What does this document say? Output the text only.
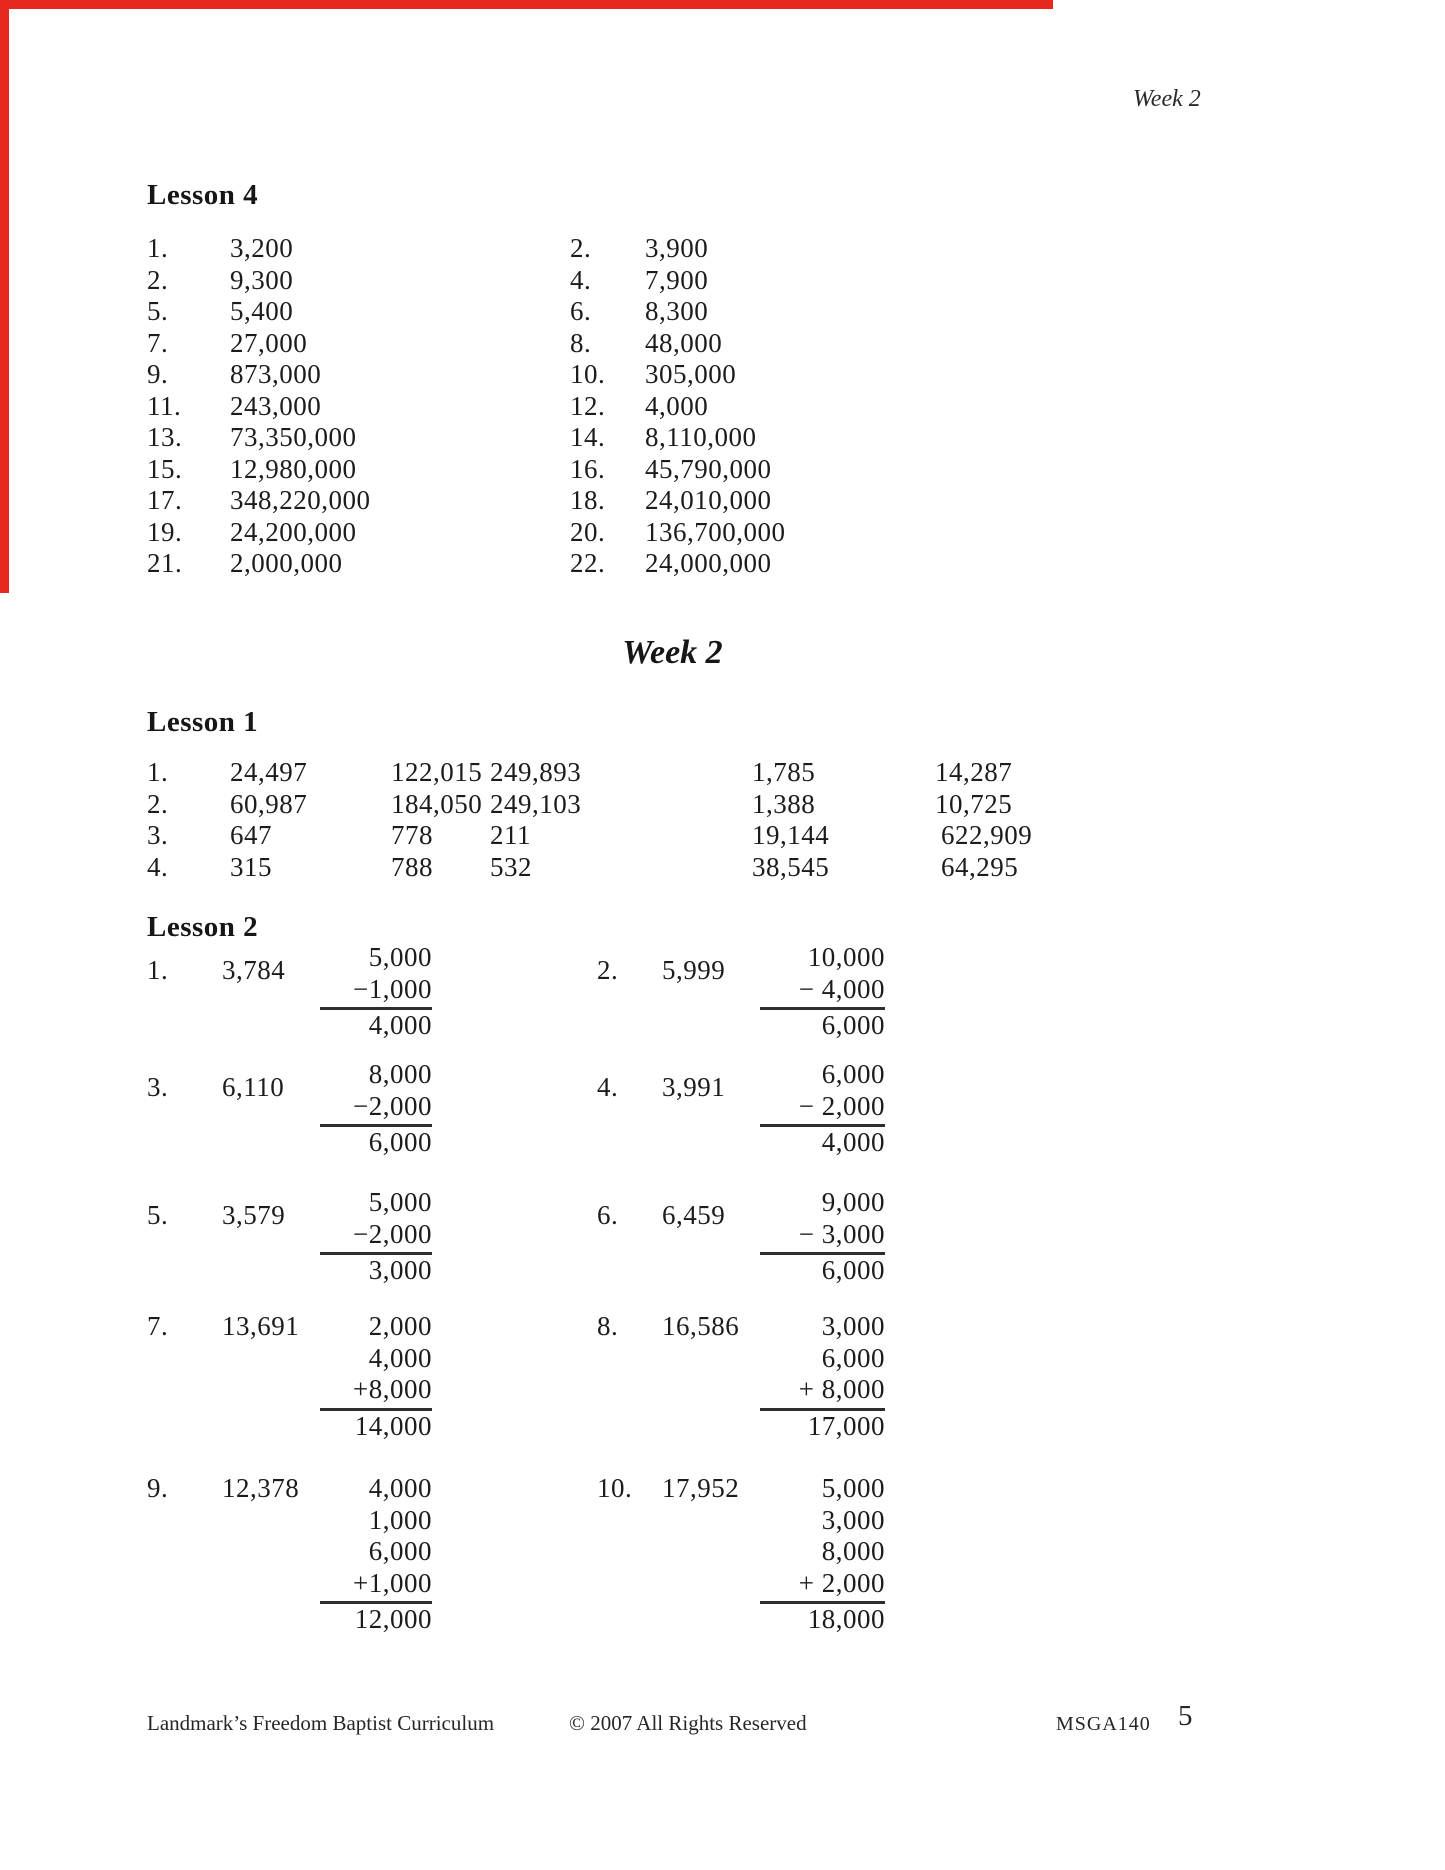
Week 2
Lesson 4
1.	3,200	2.	3,900
2.	9,300	4.	7,900
5.	5,400	6.	8,300
7.	27,000	8.	48,000
9.	873,000	10.	305,000
11.	243,000	12.	4,000
13.	73,350,000	14.	8,110,000
15.	12,980,000	16.	45,790,000
17.	348,220,000	18.	24,010,000
19.	24,200,000	20.	136,700,000
21.	2,000,000	22.	24,000,000
Week 2
Lesson 1
1.	24,497	122,015 249,893	1,785	14,287
2.	60,987	184,050 249,103	1,388	10,725
3.	647	778	211	19,144	622,909
4.	315	788	532	38,545	64,295
Lesson 2
1.	3,784	5,000
−1,000
4,000
2.	5,999	10,000
− 4,000
6,000
3.	6,110	8,000
−2,000
6,000
4.	3,991	6,000
− 2,000
4,000
5.	3,579	5,000
−2,000
3,000
6.	6,459	9,000
− 3,000
6,000
7.	13,691	2,000
4,000
+8,000
14,000
8.	16,586	3,000
6,000
+ 8,000
17,000
9.	12,378	4,000
1,000
6,000
+1,000
12,000
10.	17,952	5,000
3,000
8,000
+ 2,000
18,000
Landmark’s Freedom Baptist Curriculum	© 2007 All Rights Reserved	MSGA140 5
